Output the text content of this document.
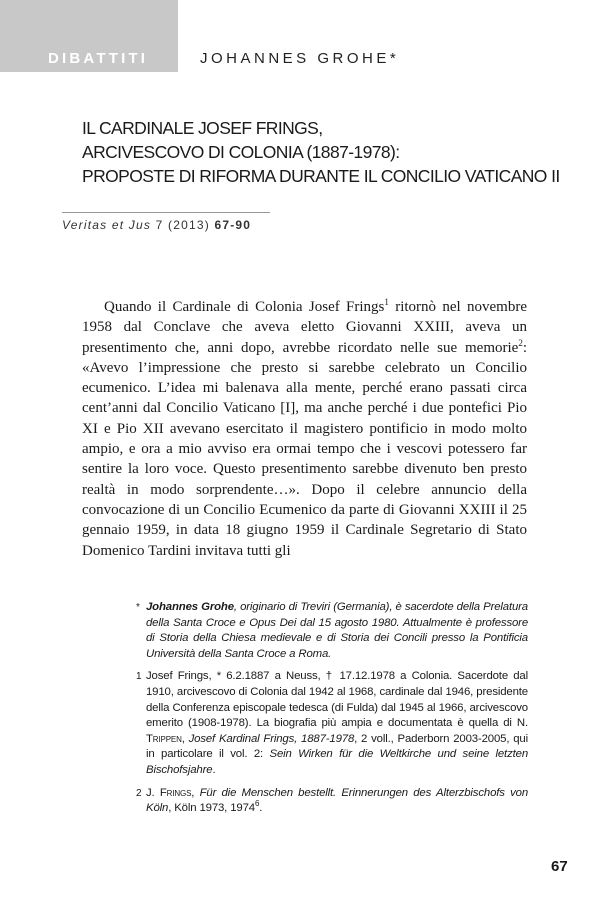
DIBATTITI	JOHANNES GROHE*
IL CARDINALE JOSEF FRINGS,
ARCIVESCOVO DI COLONIA (1887-1978):
PROPOSTE DI RIFORMA DURANTE IL CONCILIO VATICANO II
Veritas et Jus 7 (2013) 67-90

Quando il Cardinale di Colonia Josef Frings$^1$ ritornò nel novembre 1958 dal Conclave che aveva eletto Giovanni XXIII, aveva un presentimento che, anni dopo, avrebbe ricordato nelle sue memorie$^2$: «Avevo l’impressione che presto si sarebbe celebrato un Concilio ecumenico. L’idea mi balenava alla mente, perché erano passati circa cent’anni dal Concilio Vaticano [I], ma anche perché i due pontefici Pio XI e Pio XII avevano esercitato il magistero pontificio in modo molto ampio, e ora a mio avviso era ormai tempo che i vescovi potessero far sentire la loro voce. Questo presentimento sarebbe divenuto ben presto realtà in modo sorprendente…». Dopo il celebre annuncio della convocazione di un Concilio Ecumenico da parte di Giovanni XXIII il 25 gennaio 1959, in data 18 giugno 1959 il Cardinale Segretario di Stato Domenico Tardini invitava tutti gli

* Johannes Grohe, originario di Treviri (Germania), è sacerdote della Prelatura della Santa Croce e Opus Dei dal 15 agosto 1980. Attualmente è professore di Storia della Chiesa medievale e di Storia dei Concili presso la Pontificia Università della Santa Croce a Roma.
1 Josef Frings, * 6.2.1887 a Neuss, † 17.12.1978 a Colonia. Sacerdote dal 1910, arcivescovo di Colonia dal 1942 al 1968, cardinale dal 1946, presidente della Conferenza episcopale tedesca (di Fulda) dal 1945 al 1966, arcivescovo emerito (1908-1978). La biografia più ampia e documentata è quella di N. Trippen, Josef Kardinal Frings, 1887-1978, 2 voll., Paderborn 2003-2005, qui in particolare il vol. 2: Sein Wirken für die Weltkirche und seine letzten Bischofsjahre.
2 J. Frings, Für die Menschen bestellt. Erinnerungen des Alterzbischofs von Köln, Köln 1973, 1974$^6$.
67
